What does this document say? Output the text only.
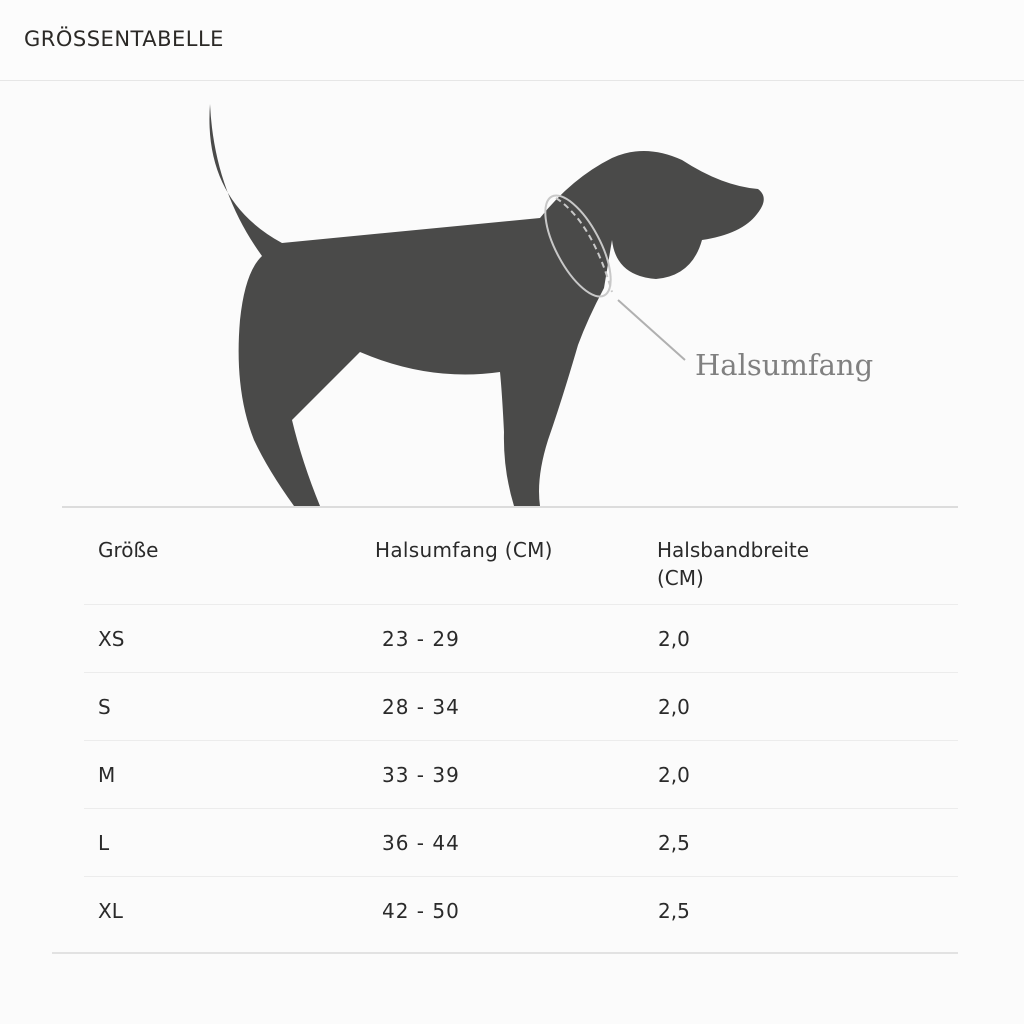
GRÖSSENTABELLE
Halsumfang
Größe	Halsumfang (CM)	Halsbandbreite (CM)
XS	23 - 29	2,0
S	28 - 34	2,0
M	33 - 39	2,0
L	36 - 44	2,5
XL	42 - 50	2,5
